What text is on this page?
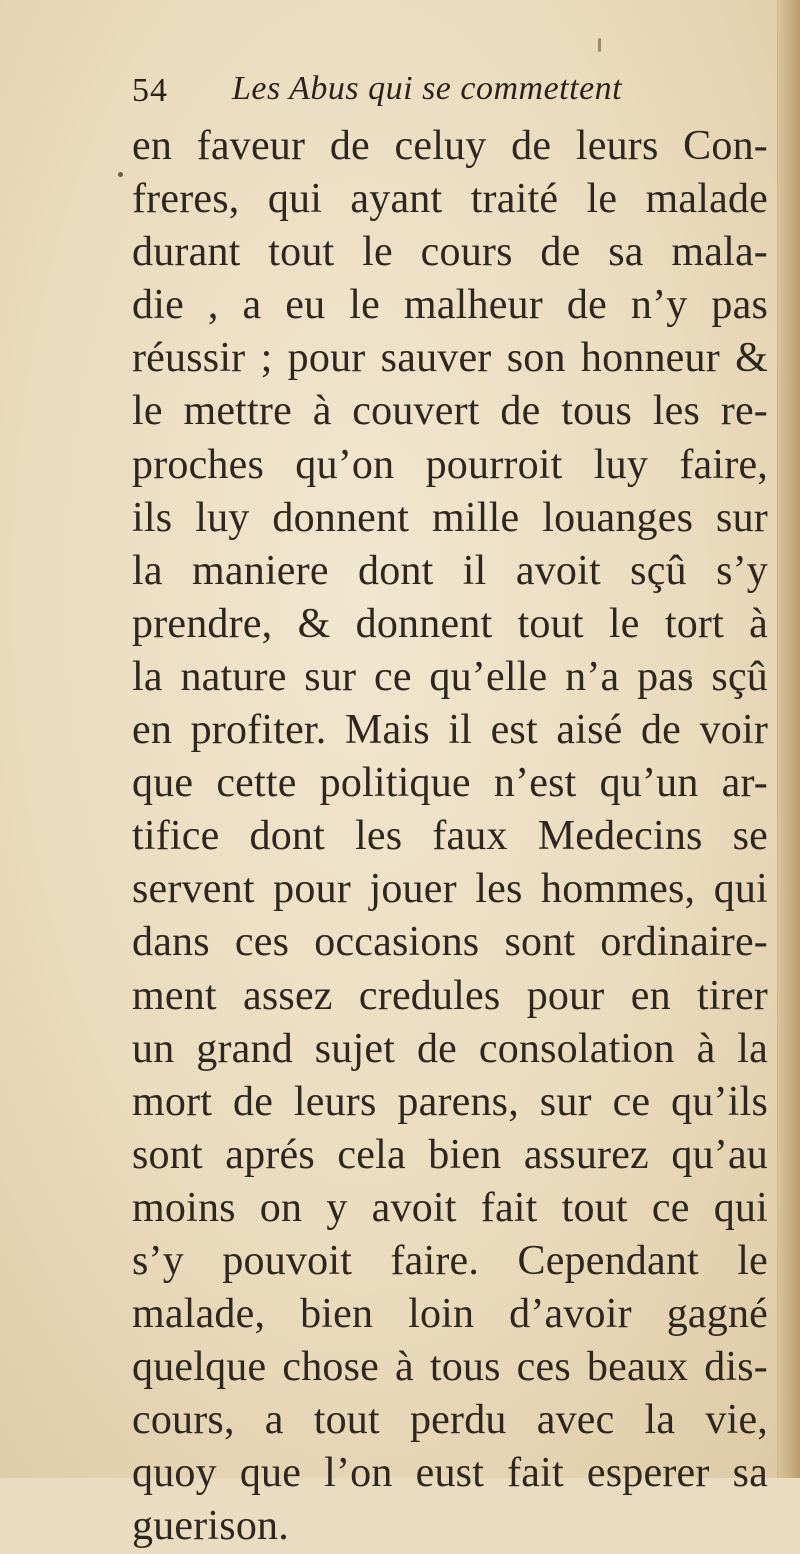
54 Les Abus qui se commettent
en faveur de celuy de leurs Con-
freres, qui ayant traité le malade
durant tout le cours de sa mala-
die , a eu le malheur de n’y pas
réussir ; pour sauver son honneur &
le mettre à couvert de tous les re-
proches qu’on pourroit luy faire,
ils luy donnent mille louanges sur
la maniere dont il avoit sçû s’y
prendre, & donnent tout le tort à
la nature sur ce qu’elle n’a pas sçû
en profiter. Mais il est aisé de voir
que cette politique n’est qu’un ar-
tifice dont les faux Medecins se
servent pour jouer les hommes, qui
dans ces occasions sont ordinaire-
ment assez credules pour en tirer
un grand sujet de consolation à la
mort de leurs parens, sur ce qu’ils
sont aprés cela bien assurez qu’au
moins on y avoit fait tout ce qui
s’y pouvoit faire. Cependant le
malade, bien loin d’avoir gagné
quelque chose à tous ces beaux dis-
cours, a tout perdu avec la vie,
quoy que l’on eust fait esperer sa
guerison.
